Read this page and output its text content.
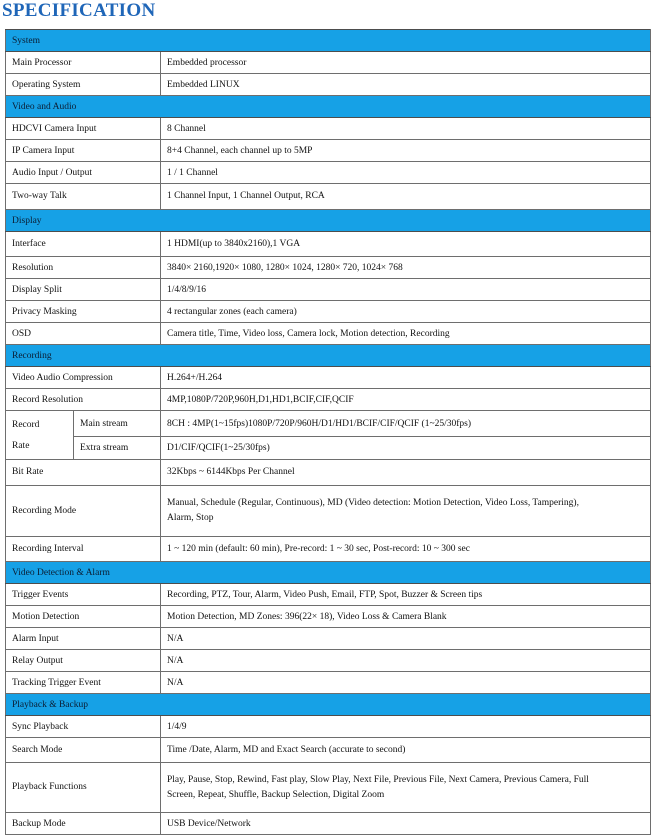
SPECIFICATION
System		
Main Processor		Embedded processor
Operating System		Embedded LINUX
Video and Audio		
HDCVI Camera Input		8 Channel
IP Camera Input		8+4 Channel, each channel up to 5MP
Audio Input / Output		1 / 1 Channel
Two-way Talk		1 Channel Input, 1 Channel Output, RCA
Display		
Interface		1 HDMI(up to 3840x2160),1 VGA
Resolution		3840× 2160,1920× 1080, 1280× 1024, 1280× 720, 1024× 768
Display Split		1/4/8/9/16
Privacy Masking		4 rectangular zones (each camera)
OSD		Camera title, Time, Video loss, Camera lock, Motion detection, Recording
Recording		
Video Audio Compression		H.264+/H.264
Record Resolution		4MP,1080P/720P,960H,D1,HD1,BCIF,CIF,QCIF

Record
Rate	Main stream	8CH : 4MP(1~15fps)1080P/720P/960H/D1/HD1/BCIF/CIF/QCIF (1~25/30fps)
	Extra stream	D1/CIF/QCIF(1~25/30fps)
Bit Rate		32Kbps ~ 6144Kbps Per Channel
Recording Mode		Manual, Schedule (Regular, Continuous), MD (Video detection: Motion Detection, Video Loss, Tampering),
Alarm, Stop

Recording Interval		1 ~ 120 min (default: 60 min), Pre-record: 1 ~ 30 sec, Post-record: 10 ~ 300 sec
Video Detection & Alarm		
Trigger Events		Recording, PTZ, Tour, Alarm, Video Push, Email, FTP, Spot, Buzzer & Screen tips
Motion Detection		Motion Detection, MD Zones: 396(22× 18), Video Loss & Camera Blank
Alarm Input		N/A
Relay Output		N/A
Tracking Trigger Event		N/A
Playback & Backup		
Sync Playback		1/4/9
Search Mode		Time /Date, Alarm, MD and Exact Search (accurate to second)
Playback Functions		Play, Pause, Stop, Rewind, Fast play, Slow Play, Next File, Previous File, Next Camera, Previous Camera, Full
Screen, Repeat, Shuffle, Backup Selection, Digital Zoom

Backup Mode		USB Device/Network
